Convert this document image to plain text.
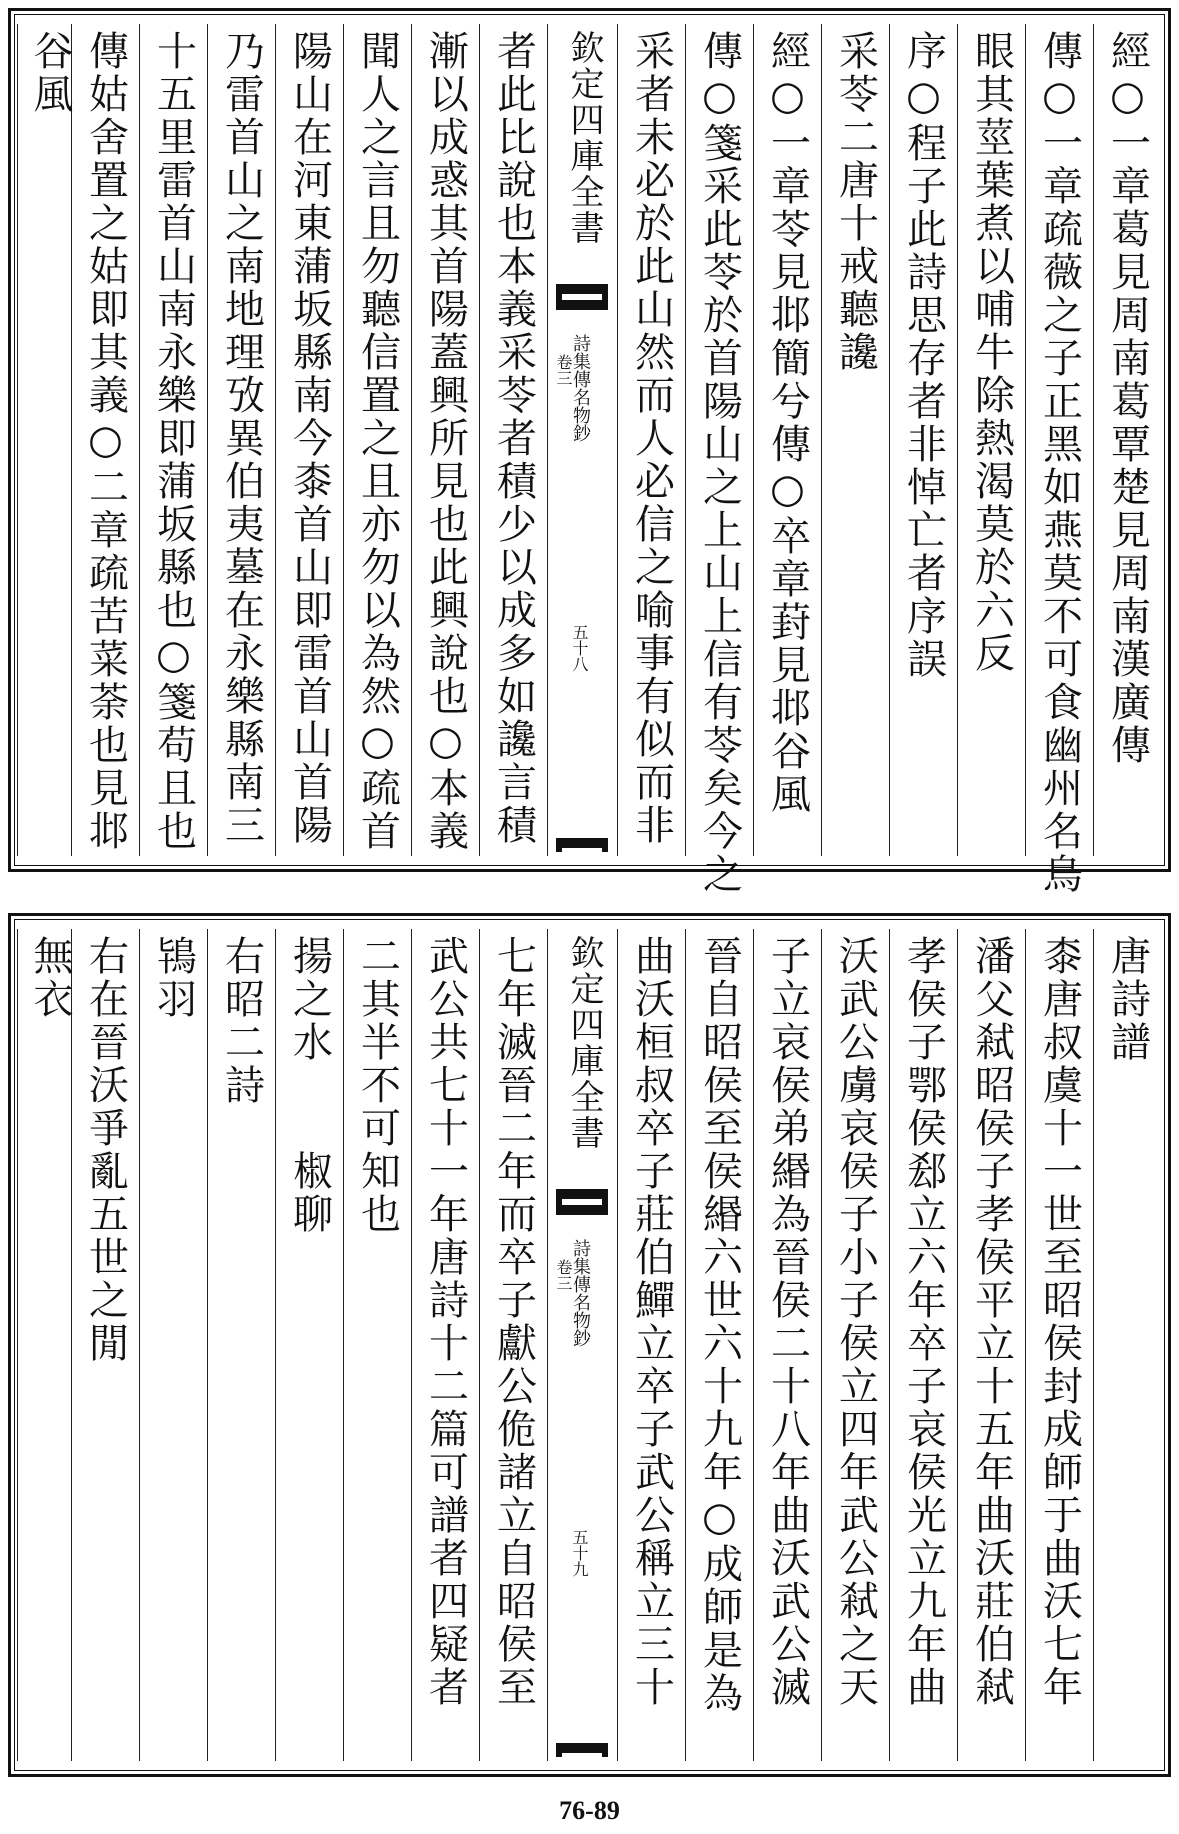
經○一章葛見周南葛覃楚見周南漢廣傳
傳○一章疏薇之子正黑如燕莫不可食幽州名烏
眼其莖葉煮以哺牛除熱渴莫於六反
序○程子此詩思存者非悼亡者序誤
采苓二唐十戒聽讒
經○一章苓見邶簡兮傳○卒章葑見邶谷風
傳○箋采此苓於首陽山之上山上信有苓矣今之
采者未必於此山然而人必信之喻事有似而非
欽定四庫全書
詩集傳名物鈔
卷三
五十八
者此比說也本義采苓者積少以成多如讒言積
漸以成惑其首陽蓋興所見也此興說也○本義
聞人之言且勿聽信置之且亦勿以為然○疏首
陽山在河東蒲坂縣南今桼首山即雷首山首陽
乃雷首山之南地理攷異伯夷墓在永樂縣南三
十五里雷首山南永樂即蒲坂縣也○箋苟且也
傳姑舍置之姑即其義○二章疏苦菜荼也見邶
谷風
唐詩譜
桼唐叔虞十一世至昭侯封成師于曲沃七年
潘父弒昭侯子孝侯平立十五年曲沃莊伯弒
孝侯子鄂侯郄立六年卒子哀侯光立九年曲
沃武公虜哀侯子小子侯立四年武公弒之天
子立哀侯弟緡為晉侯二十八年曲沃武公滅
晉自昭侯至侯緡六世六十九年○成師是為
曲沃桓叔卒子莊伯鱓立卒子武公稱立三十
欽定四庫全書
詩集傳名物鈔
卷三
五十九
七年滅晉二年而卒子獻公佹諸立自昭侯至
武公共七十一年唐詩十二篇可譜者四疑者
二其半不可知也
揚之水　　椒聊
右昭二詩
鴇羽
右在晉沃爭亂五世之閒
無衣
76-89
